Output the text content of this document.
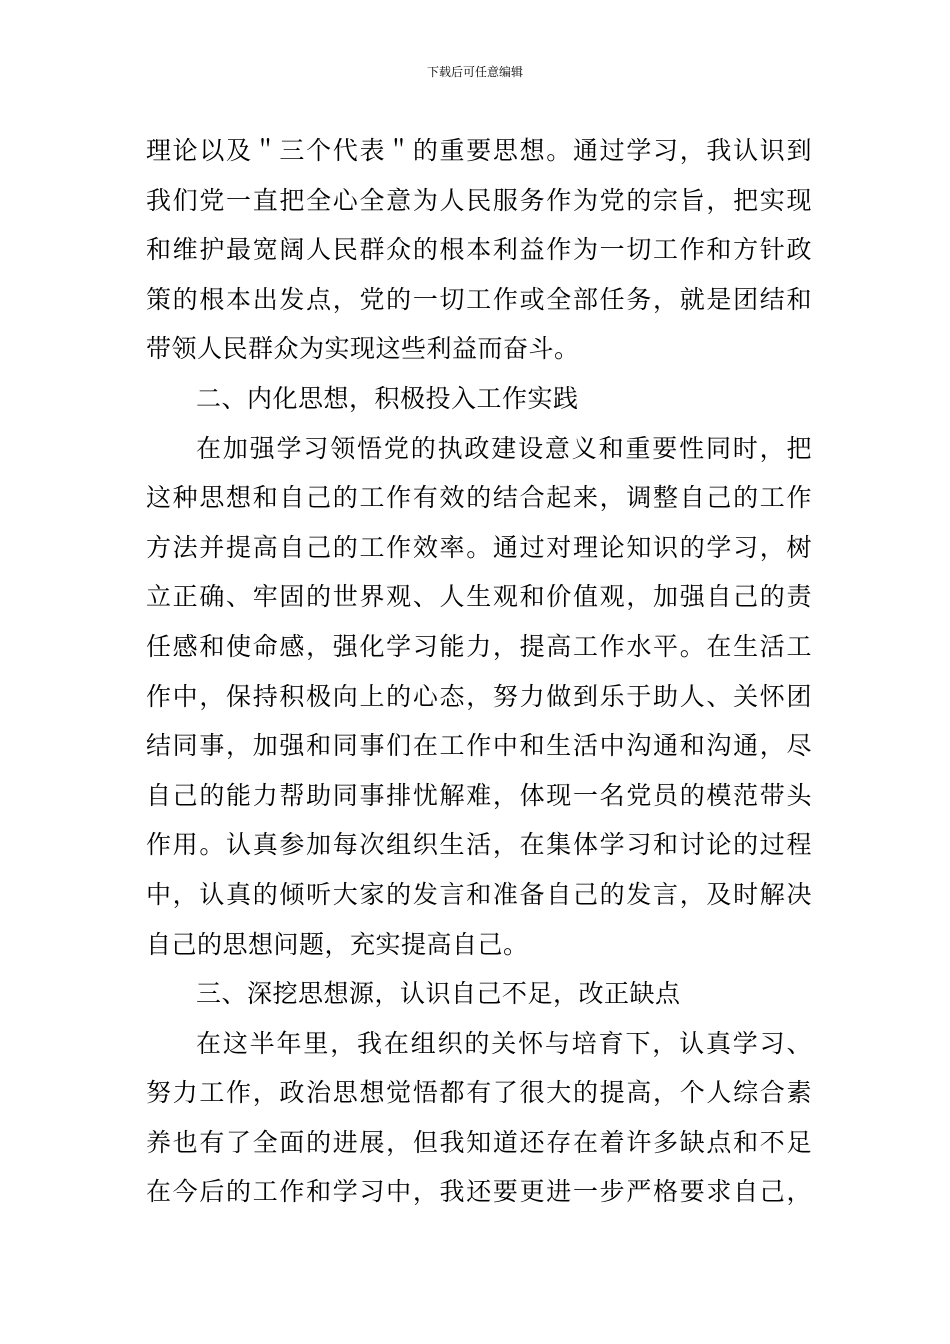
下载后可任意编辑
理论以及＂三个代表＂的重要思想。通过学习，我认识到
我们党一直把全心全意为人民服务作为党的宗旨，把实现
和维护最宽阔人民群众的根本利益作为一切工作和方针政
策的根本出发点，党的一切工作或全部任务，就是团结和
带领人民群众为实现这些利益而奋斗。
二、内化思想，积极投入工作实践
在加强学习领悟党的执政建设意义和重要性同时，把
这种思想和自己的工作有效的结合起来，调整自己的工作
方法并提高自己的工作效率。通过对理论知识的学习，树
立正确、牢固的世界观、人生观和价值观，加强自己的责
任感和使命感，强化学习能力，提高工作水平。在生活工
作中，保持积极向上的心态，努力做到乐于助人、关怀团
结同事，加强和同事们在工作中和生活中沟通和沟通，尽
自己的能力帮助同事排忧解难，体现一名党员的模范带头
作用。认真参加每次组织生活，在集体学习和讨论的过程
中，认真的倾听大家的发言和准备自己的发言，及时解决
自己的思想问题，充实提高自己。
三、深挖思想源，认识自己不足，改正缺点
在这半年里，我在组织的关怀与培育下，认真学习、
努力工作，政治思想觉悟都有了很大的提高，个人综合素
养也有了全面的进展，但我知道还存在着许多缺点和不足
在今后的工作和学习中，我还要更进一步严格要求自己，
